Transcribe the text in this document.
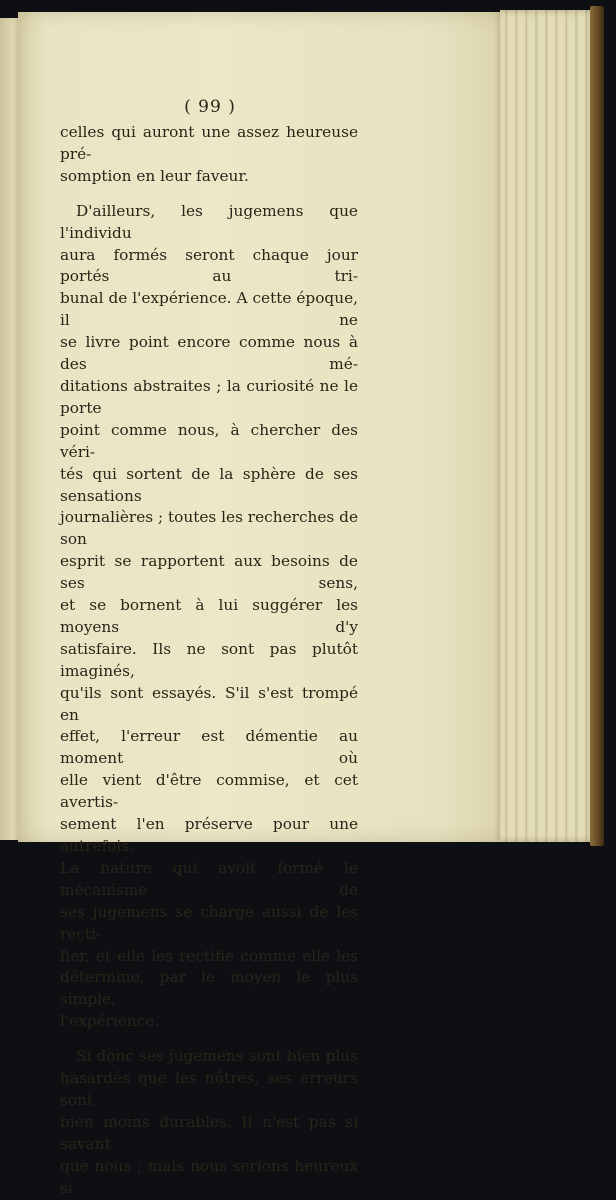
( 99 )

celles qui auront une assez heureuse pré-

somption en leur faveur.

D'ailleurs, les jugemens que l'individu

aura formés seront chaque jour portés au tri-

bunal de l'expérience. A cette époque, il ne

se livre point encore comme nous à des mé-

ditations abstraites ; la curiosité ne le porte

point comme nous, à chercher des véri-

tés qui sortent de la sphère de ses sensations

journalières ; toutes les recherches de son

esprit se rapportent aux besoins de ses sens,

et se bornent à lui suggérer les moyens d'y

satisfaire. Ils ne sont pas plutôt imaginés,

qu'ils sont essayés. S'il s'est trompé en

effet, l'erreur est démentie au moment où

elle vient d'être commise, et cet avertis-

sement l'en préserve pour une autrefois.

La nature qui avoit formé le mécanisme de

ses jugemens se charge aussi de les recti-

fier, et elle les rectifie comme elle les

détermine, par le moyen le plus simple,

l'expérience.

Si donc ses jugemens sont bien plus

hasardés que les nôtres, ses erreurs sont

bien moins durables. Il n'est pas si savant

que nous ; mais nous serions heureux si
